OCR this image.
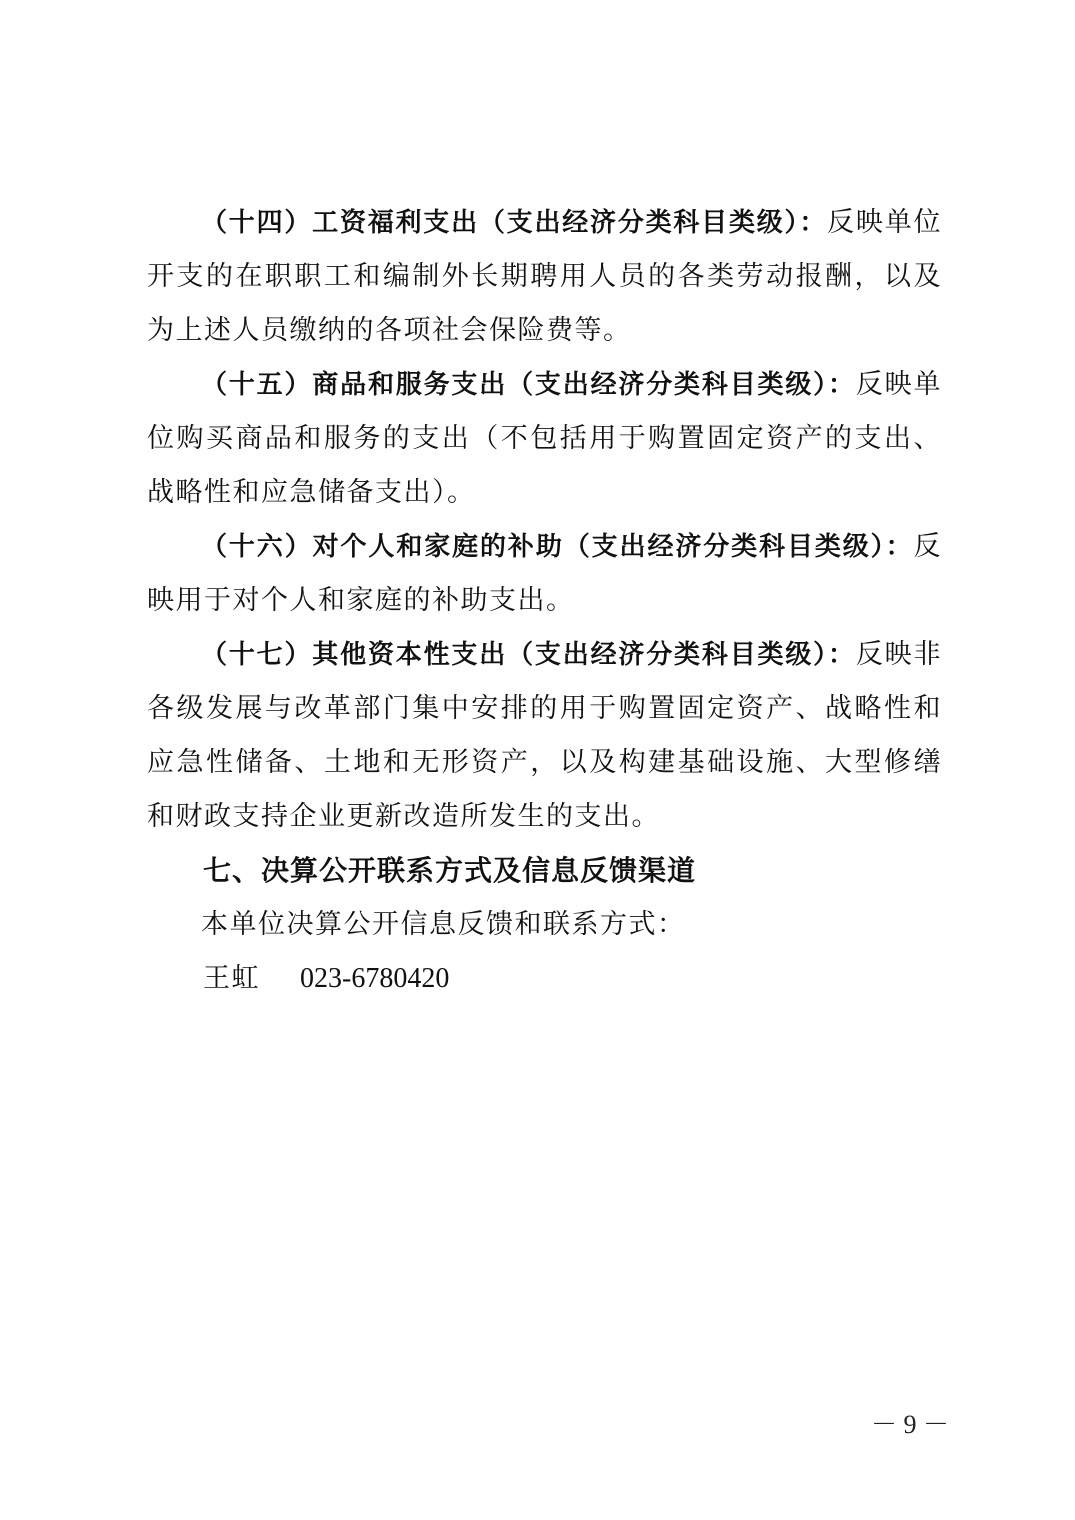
（十四）工资福利支出（支出经济分类科目类级）：反映单位开支的在职职工和编制外长期聘用人员的各类劳动报酬，以及为上述人员缴纳的各项社会保险费等。

（十五）商品和服务支出（支出经济分类科目类级）：反映单位购买商品和服务的支出（不包括用于购置固定资产的支出、战略性和应急储备支出）。

（十六）对个人和家庭的补助（支出经济分类科目类级）：反映用于对个人和家庭的补助支出。

（十七）其他资本性支出（支出经济分类科目类级）：反映非各级发展与改革部门集中安排的用于购置固定资产、战略性和应急性储备、土地和无形资产，以及构建基础设施、大型修缮和财政支持企业更新改造所发生的支出。

七、决算公开联系方式及信息反馈渠道

本单位决算公开信息反馈和联系方式：

王虹 023-6780420

－ 9 －
